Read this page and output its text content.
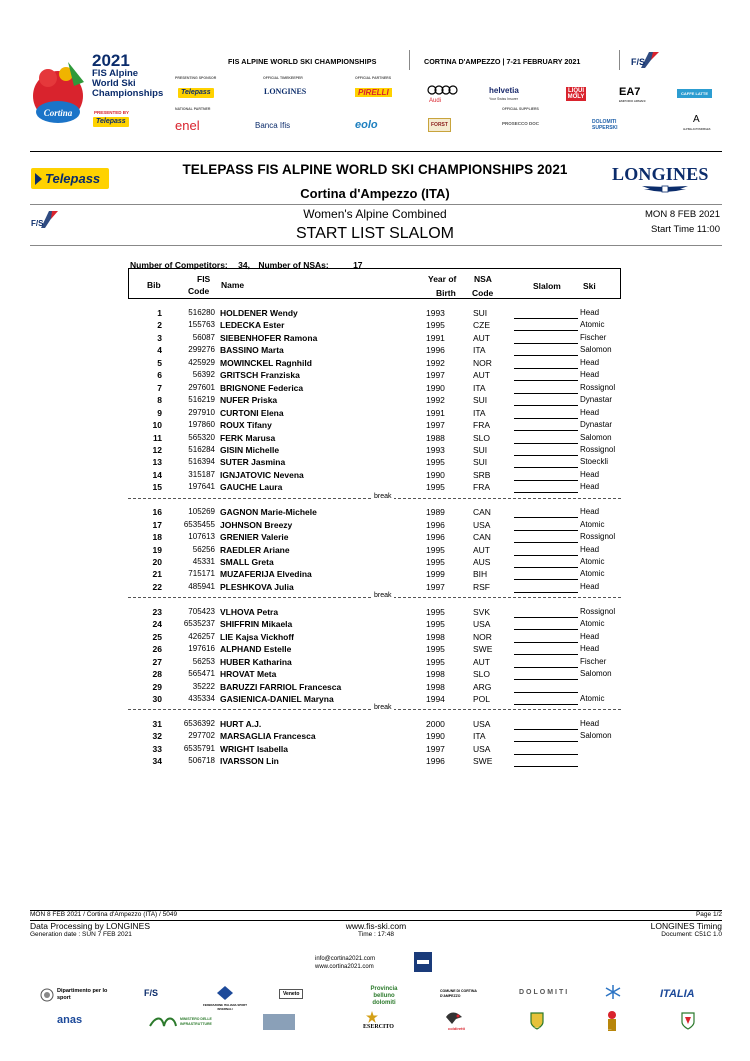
Cortina
2021
FIS Alpine
World Ski
Championships
PRESENTED BY
Telepass
FIS ALPINE WORLD SKI CHAMPIONSHIPS	CORTINA D'AMPEZZO | 7-21 FEBRUARY 2021	F/S
PRESENTING SPONSOR	OFFICIAL TIMEKEEPER	OFFICIAL PARTNERS
NATIONAL PARTNER	OFFICIAL SUPPLIERS
Telepass	LONGINES	PIRELLI
Audi
helvetia
Your Swiss Insurer
LIQUI MOLY	EA7
EMPORIO ARMANI
CAFFE LATTE
enel	Banca Ifis	eolo	FORST	PROSECCO DOC	DOLOMITI SUPERSKI
A
ALPINE AUTOMOBILES
Telepass
TELEPASS FIS ALPINE WORLD SKI CHAMPIONSHIPS 2021
Cortina d'Ampezzo (ITA)
LONGINES
F/S
Women's Alpine Combined
START LIST SLALOM
MON 8 FEB 2021
Start Time 11:00
Number of Competitors: 34, Number of NSAs:	17
Bib
FIS
Code
Name
Year of
Birth
NSA
Code
Slalom	Ski
1	516280 HOLDENER Wendy	1993	SUI	Head
2	155763 LEDECKA Ester	1995	CZE	Atomic
3	56087 SIEBENHOFER Ramona	1991	AUT	Fischer
4	299276 BASSINO Marta	1996	ITA	Salomon
5	425929 MOWINCKEL Ragnhild	1992	NOR	Head
6	56392 GRITSCH Franziska	1997	AUT	Head
7	297601 BRIGNONE Federica	1990	ITA	Rossignol
8	516219 NUFER Priska	1992	SUI	Dynastar
9	297910 CURTONI Elena	1991	ITA	Head
10	197860 ROUX Tifany	1997	FRA	Dynastar
11	565320 FERK Marusa	1988	SLO	Salomon
12	516284 GISIN Michelle	1993	SUI	Rossignol
13	516394 SUTER Jasmina	1995	SUI	Stoeckli
14	315187 IGNJATOVIC Nevena	1990	SRB	Head
15	197641 GAUCHE Laura	1995	FRA	Head
break
16	105269 GAGNON Marie-Michele	1989	CAN	Head
17	6535455 JOHNSON Breezy	1996	USA	Atomic
18	107613 GRENIER Valerie	1996	CAN	Rossignol
19	56256 RAEDLER Ariane	1995	AUT	Head
20	45331 SMALL Greta	1995	AUS	Atomic
21	715171 MUZAFERIJA Elvedina	1999	BIH	Atomic
22	485941 PLESHKOVA Julia	1997	RSF	Head
break
23	705423 VLHOVA Petra	1995	SVK	Rossignol
24	6535237 SHIFFRIN Mikaela	1995	USA	Atomic
25	426257 LIE Kajsa Vickhoff	1998	NOR	Head
26	197616 ALPHAND Estelle	1995	SWE	Head
27	56253 HUBER Katharina	1995	AUT	Fischer
28	565471 HROVAT Meta	1998	SLO	Salomon
29	35222 BARUZZI FARRIOL Francesca	1998	ARG
30	435334 GASIENICA-DANIEL Maryna	1994	POL	Atomic
break
31	6536392 HURT A.J.	2000	USA	Head
32	297702 MARSAGLIA Francesca	1990	ITA	Salomon
33	6535791 WRIGHT Isabella	1997	USA
34	506718 IVARSSON Lin	1996	SWE
MON 8 FEB 2021 / Cortina d'Ampezzo (ITA) / 5049	Page 1/2
Data Processing by LONGINES	www.fis-ski.com	LONGINES Timing
Generation date : SUN 7 FEB 2021	Time : 17:48	Document: C51C 1.0
info@cortina2021.com
www.cortina2021.com
Dipartimento per lo sport	F/S
FEDERAZIONE ITALIANA SPORT INVERNALI
Veneto
Provincia belluno dolomiti
COMUNE DI CORTINA D'AMPEZZO	DOLOMITI	ITALIA
anas	MINISTERO DELLE INFRASTRUTTURE
ESERCITO	coldiretti	CORPO FORESTALE
CARABINIERI	POLIZIA
